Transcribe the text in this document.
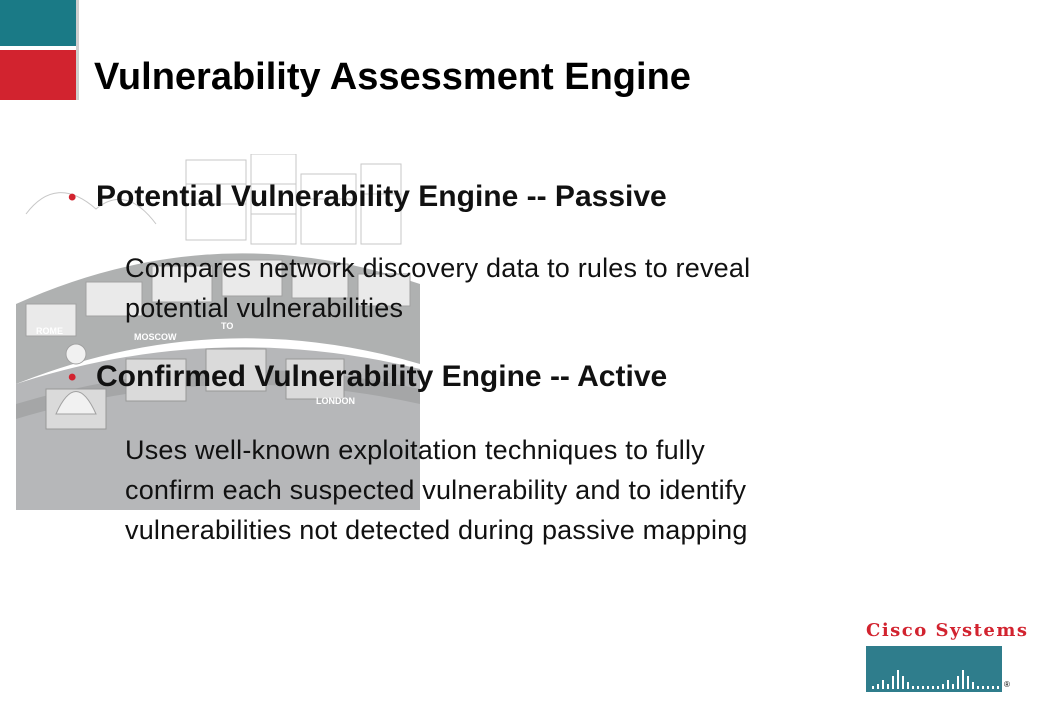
Vulnerability Assessment Engine
ROME
MOSCOW
TO
LONDON
• Potential Vulnerability Engine -- Passive

Compares network discovery data to rules to reveal
potential vulnerabilities

• Confirmed Vulnerability Engine -- Active

Uses well-known exploitation techniques to fully
confirm each suspected vulnerability and to identify
vulnerabilities not detected during passive mapping

Cisco Systems
®
